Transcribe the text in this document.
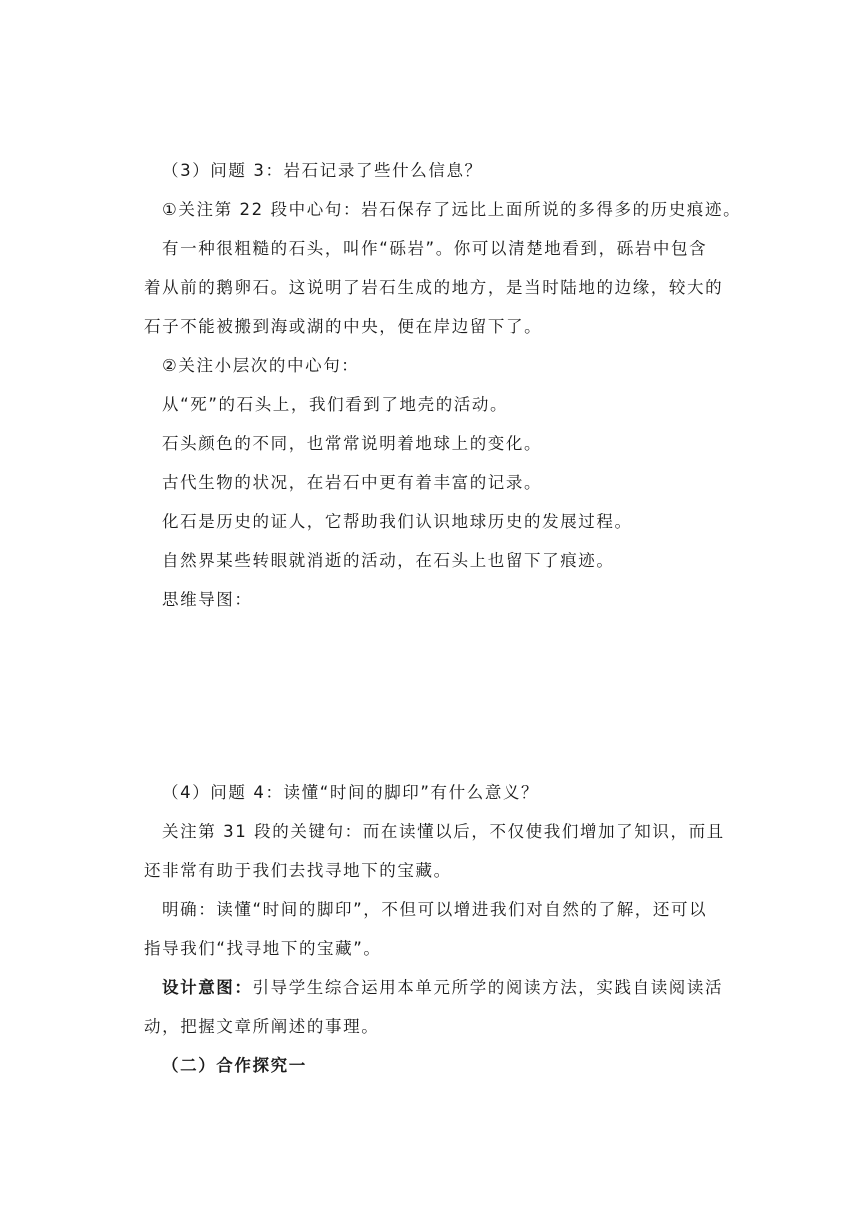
（3）问题 3：岩石记录了些什么信息？
①关注第 22 段中心句：岩石保存了远比上面所说的多得多的历史痕迹。
有一种很粗糙的石头，叫作“砾岩”。你可以清楚地看到，砾岩中包含
着从前的鹅卵石。这说明了岩石生成的地方，是当时陆地的边缘，较大的
石子不能被搬到海或湖的中央，便在岸边留下了。
②关注小层次的中心句：
从“死”的石头上，我们看到了地壳的活动。
石头颜色的不同，也常常说明着地球上的变化。
古代生物的状况，在岩石中更有着丰富的记录。
化石是历史的证人，它帮助我们认识地球历史的发展过程。
自然界某些转眼就消逝的活动，在石头上也留下了痕迹。
思维导图：
（4）问题 4：读懂“时间的脚印”有什么意义？
关注第 31 段的关键句：而在读懂以后，不仅使我们增加了知识，而且
还非常有助于我们去找寻地下的宝藏。
明确：读懂“时间的脚印”，不但可以增进我们对自然的了解，还可以
指导我们“找寻地下的宝藏”。
设计意图：引导学生综合运用本单元所学的阅读方法，实践自读阅读活
动，把握文章所阐述的事理。
（二）合作探究一
